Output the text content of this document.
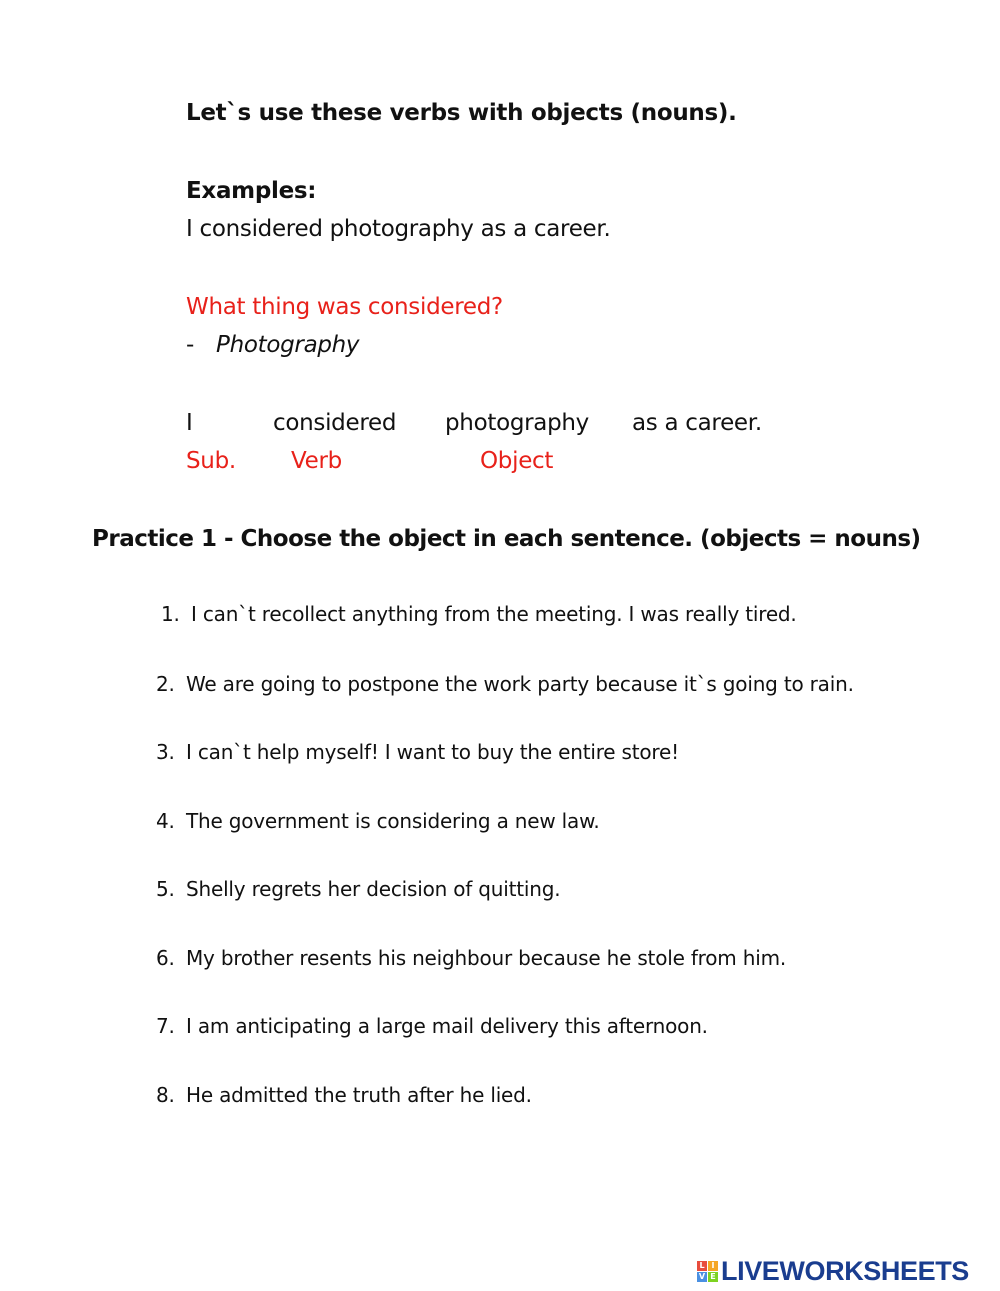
Let`s use these verbs with objects (nouns).
Examples:
I considered photography as a career.
What thing was considered?
- Photography
I	considered photography as a career.
Sub. Verb	Object
Practice 1 - Choose the object in each sentence. (objects = nouns)
1. I can`t recollect anything from the meeting. I was really tired.
2. We are going to postpone the work party because it`s going to rain.
3. I can`t help myself! I want to buy the entire store!
4. The government is considering a new law.
5. Shelly regrets her decision of quitting.
6. My brother resents his neighbour because he stole from him.
7. I am anticipating a large mail delivery this afternoon.
8. He admitted the truth after he lied.
L I
V E LIVEWORKSHEETS
